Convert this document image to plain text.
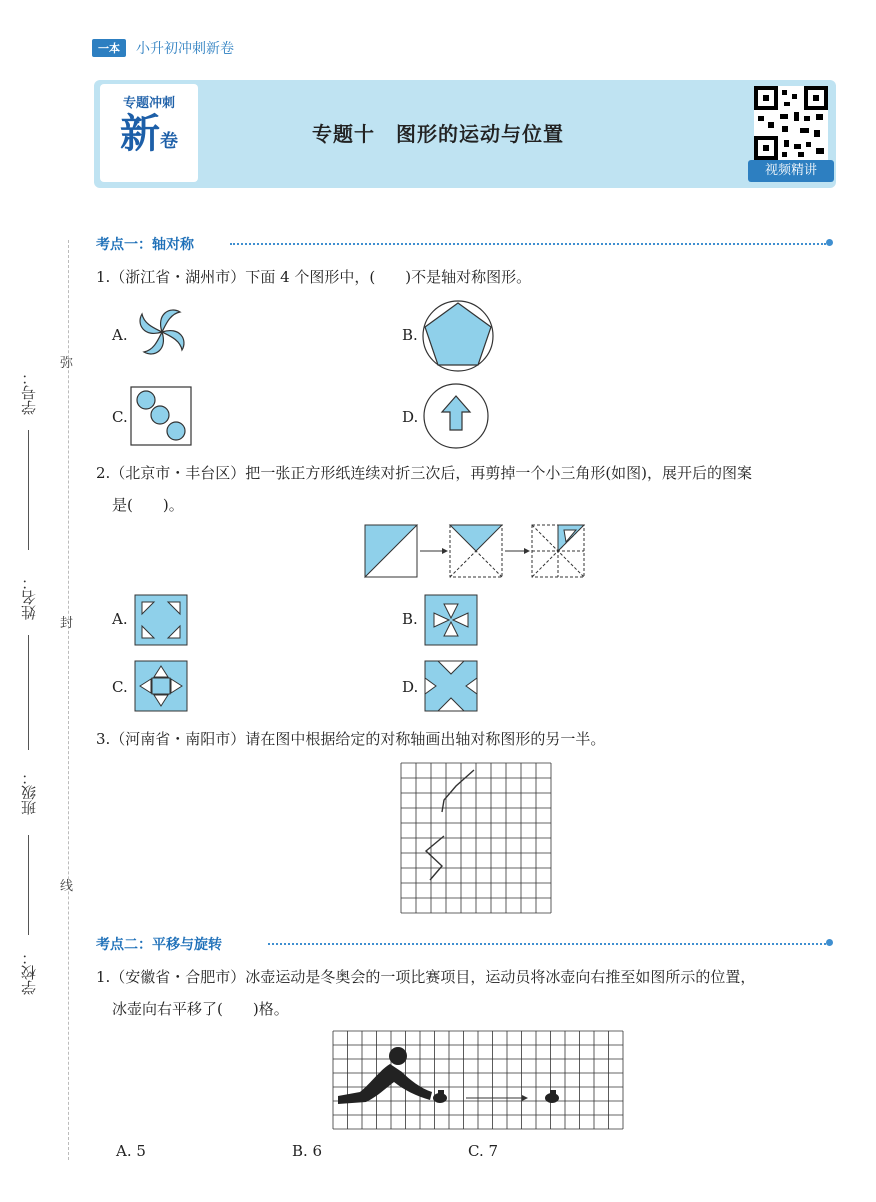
一本	小升初冲刺新卷
专题冲刺
新卷	专题十　图形的运动与位置
视频精讲
学号：
姓名：
班级：
学校：
弥
封
线
考点一：轴对称
1.（浙江省・湖州市）下面 4 个图形中，(　　)不是轴对称图形。
A.	B.
C.	D.
2.（北京市・丰台区）把一张正方形纸连续对折三次后，再剪掉一个小三角形(如图)，展开后的图案
是(　　)。
A.	B.
C.	D.
3.（河南省・南阳市）请在图中根据给定的对称轴画出轴对称图形的另一半。
考点二：平移与旋转
1.（安徽省・合肥市）冰壶运动是冬奥会的一项比赛项目，运动员将冰壶向右推至如图所示的位置，
冰壶向右平移了(　　)格。
A. 5	B. 6	C. 7
